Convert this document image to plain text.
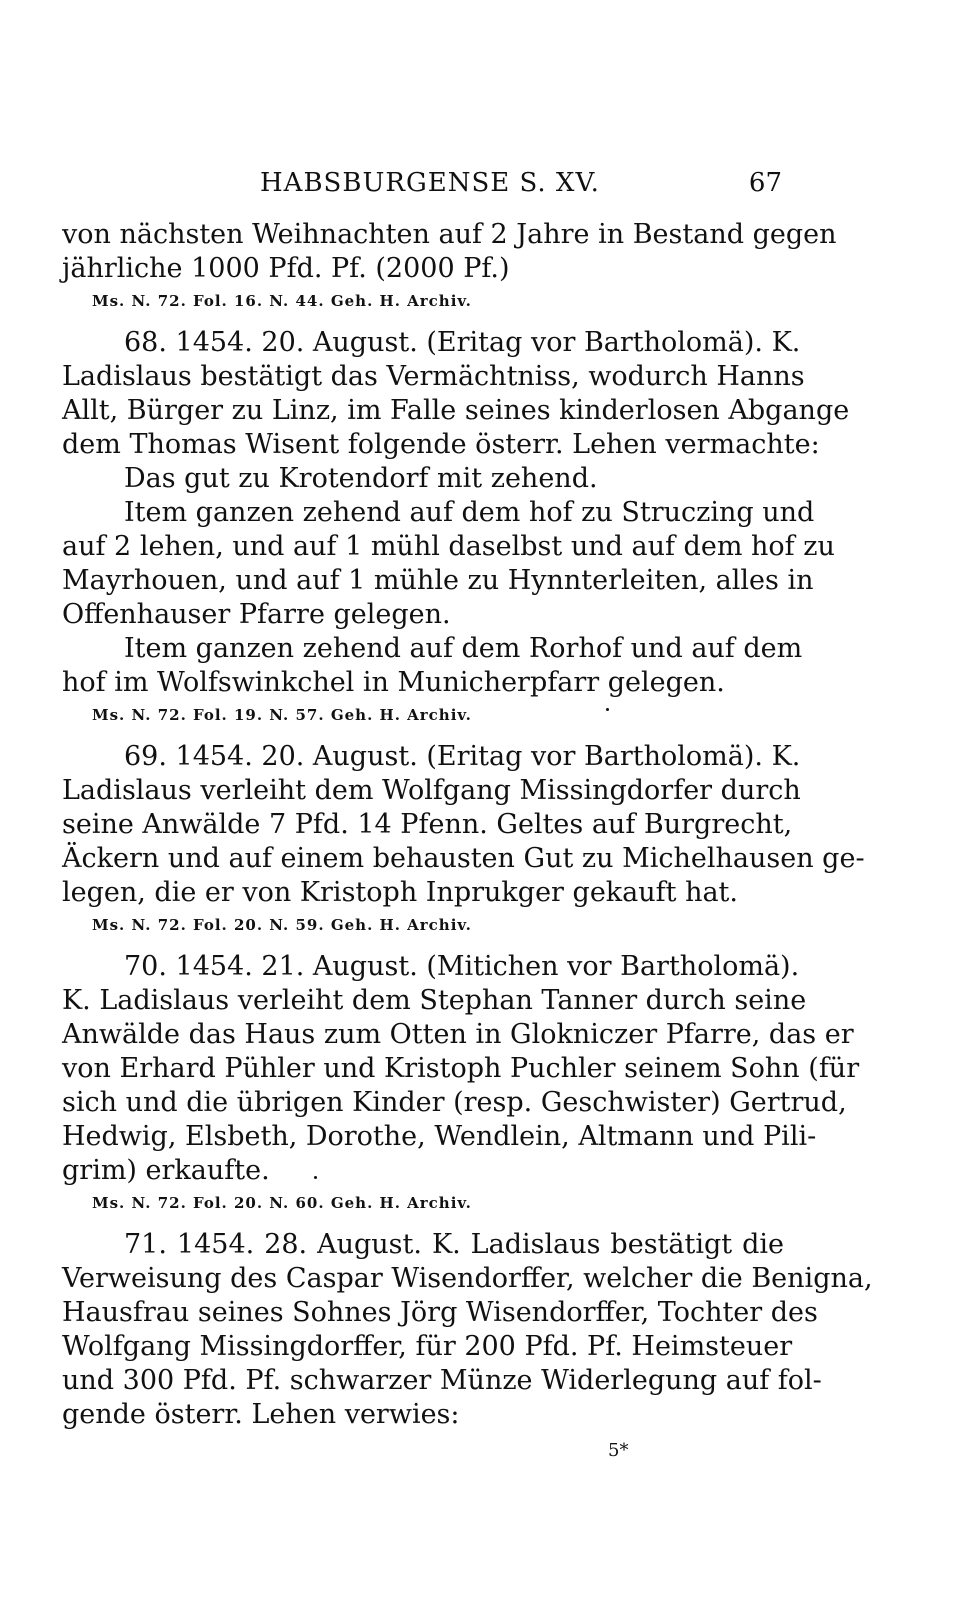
HABSBURGENSE S. XV.	67
von nächsten Weihnachten auf 2 Jahre in Bestand gegen
jährliche 1000 Pfd. Pf. (2000 Pf.)
Ms. N. 72. Fol. 16. N. 44. Geh. H. Archiv.
68. 1454. 20. August. (Eritag vor Bartholomä). K.
Ladislaus bestätigt das Vermächtniss, wodurch Hanns
Allt, Bürger zu Linz, im Falle seines kinderlosen Abgange
dem Thomas Wisent folgende österr. Lehen vermachte:
Das gut zu Krotendorf mit zehend.
Item ganzen zehend auf dem hof zu Struczing und
auf 2 lehen, und auf 1 mühl daselbst und auf dem hof zu
Mayrhouen, und auf 1 mühle zu Hynnterleiten, alles in
Offenhauser Pfarre gelegen.
Item ganzen zehend auf dem Rorhof und auf dem
hof im Wolfswinkchel in Municherpfarr gelegen.
Ms. N. 72. Fol. 19. N. 57. Geh. H. Archiv.
69. 1454. 20. August. (Eritag vor Bartholomä). K.
Ladislaus verleiht dem Wolfgang Missingdorfer durch
seine Anwälde 7 Pfd. 14 Pfenn. Geltes auf Burgrecht,
Äckern und auf einem behausten Gut zu Michelhausen ge-
legen, die er von Kristoph Inprukger gekauft hat.
Ms. N. 72. Fol. 20. N. 59. Geh. H. Archiv.
70. 1454. 21. August. (Mitichen vor Bartholomä).
K. Ladislaus verleiht dem Stephan Tanner durch seine
Anwälde das Haus zum Otten in Glokniczer Pfarre, das er
von Erhard Pühler und Kristoph Puchler seinem Sohn (für
sich und die übrigen Kinder (resp. Geschwister) Gertrud,
Hedwig, Elsbeth, Dorothe, Wendlein, Altmann und Pili-
grim) erkaufte.
Ms. N. 72. Fol. 20. N. 60. Geh. H. Archiv.
71. 1454. 28. August. K. Ladislaus bestätigt die
Verweisung des Caspar Wisendorffer, welcher die Benigna,
Hausfrau seines Sohnes Jörg Wisendorffer, Tochter des
Wolfgang Missingdorffer, für 200 Pfd. Pf. Heimsteuer
und 300 Pfd. Pf. schwarzer Münze Widerlegung auf fol-
gende österr. Lehen verwies:
5*
